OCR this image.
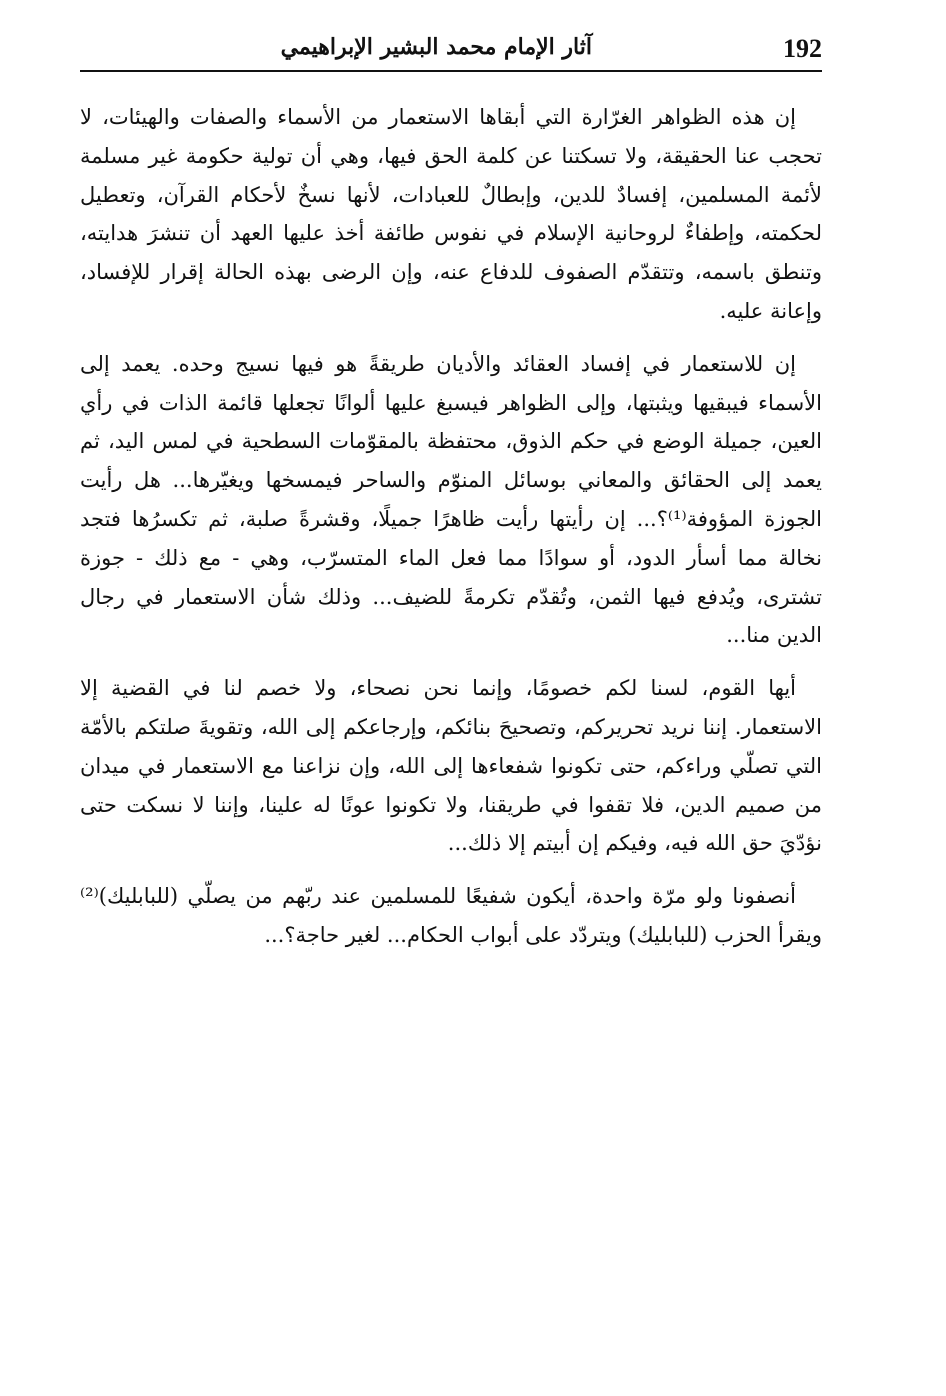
192
آثار الإمام محمد البشير الإبراهيمي

إن هذه الظواهر الغرّارة التي أبقاها الاستعمار من الأسماء والصفات والهيئات، لا تحجب عنا الحقيقة، ولا تسكتنا عن كلمة الحق فيها، وهي أن تولية حكومة غير مسلمة لأئمة المسلمين، إفسادٌ للدين، وإبطالٌ للعبادات، لأنها نسخٌ لأحكام القرآن، وتعطيل لحكمته، وإطفاءٌ لروحانية الإسلام في نفوس طائفة أخذ عليها العهد أن تنشرَ هدايته، وتنطق باسمه، وتتقدّم الصفوف للدفاع عنه، وإن الرضى بهذه الحالة إقرار للإفساد، وإعانة عليه.

إن للاستعمار في إفساد العقائد والأديان طريقةً هو فيها نسيج وحده. يعمد إلى الأسماء فيبقيها ويثبتها، وإلى الظواهر فيسبغ عليها ألوانًا تجعلها قائمة الذات في رأي العين، جميلة الوضع في حكم الذوق، محتفظة بالمقوّمات السطحية في لمس اليد، ثم يعمد إلى الحقائق والمعاني بوسائل المنوّم والساحر فيمسخها ويغيّرها... هل رأيت الجوزة المؤوفة⁽¹⁾؟... إن رأيتها رأيت ظاهرًا جميلًا، وقشرةً صلبة، ثم تكسرُها فتجد نخالة مما أسأر الدود، أو سوادًا مما فعل الماء المتسرّب، وهي - مع ذلك - جوزة تشترى، ويُدفع فيها الثمن، وتُقدّم تكرمةً للضيف... وذلك شأن الاستعمار في رجال الدين منا...

أيها القوم، لسنا لكم خصومًا، وإنما نحن نصحاء، ولا خصم لنا في القضية إلا الاستعمار. إننا نريد تحريركم، وتصحيحَ بنائكم، وإرجاعكم إلى الله، وتقويةَ صلتكم بالأمّة التي تصلّي وراءكم، حتى تكونوا شفعاءها إلى الله، وإن نزاعنا مع الاستعمار في ميدان من صميم الدين، فلا تقفوا في طريقنا، ولا تكونوا عونًا له علينا، وإننا لا نسكت حتى نؤدّيَ حق الله فيه، وفيكم إن أبيتم إلا ذلك...

أنصفونا ولو مرّة واحدة، أيكون شفيعًا للمسلمين عند ربّهم من يصلّي (للبابليك)⁽²⁾ ويقرأ الحزب (للبابليك) ويتردّد على أبواب الحكام... لغير حاجة؟...
